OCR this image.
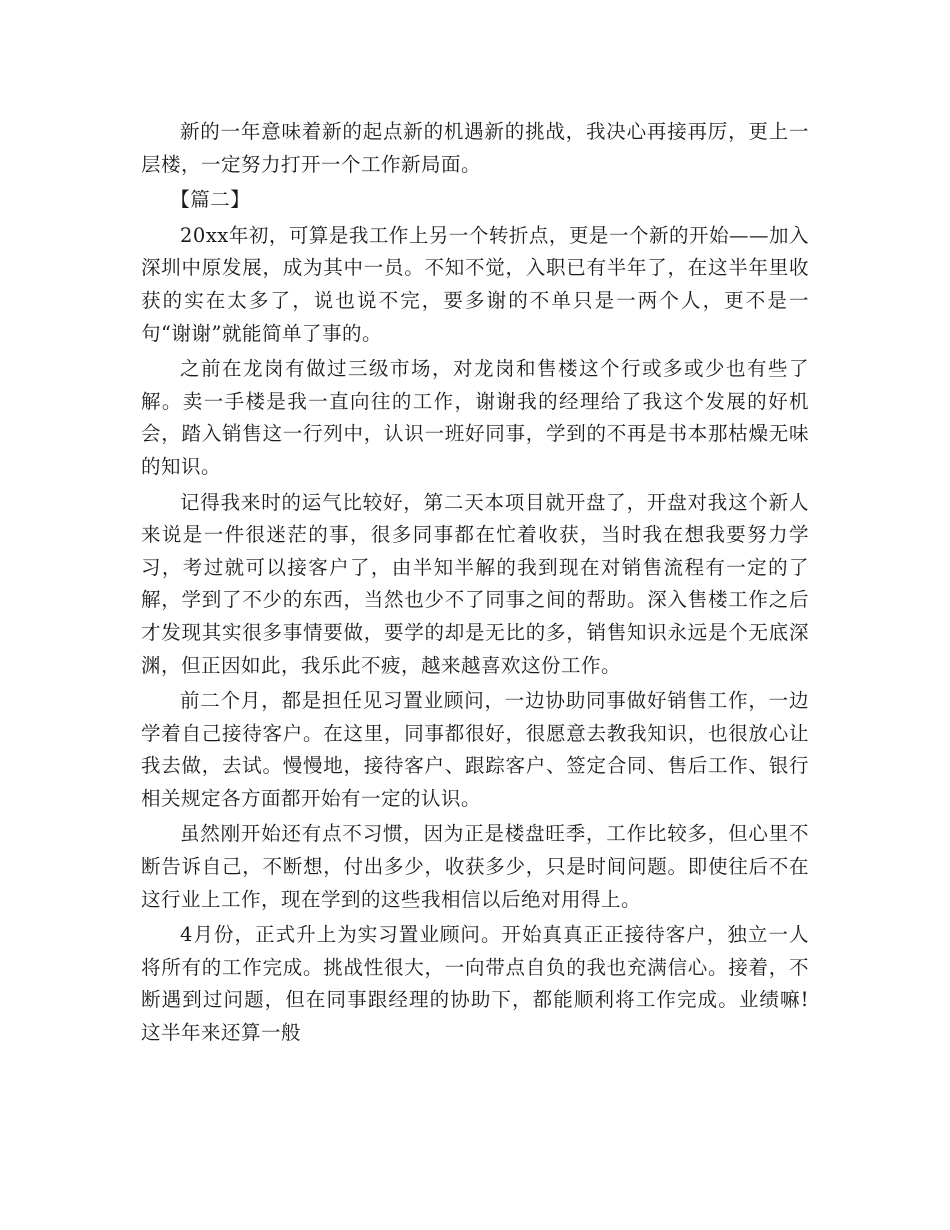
新的一年意味着新的起点新的机遇新的挑战，我决心再接再厉，更上一层楼，一定努力打开一个工作新局面。

【篇二】

20xx年初，可算是我工作上另一个转折点，更是一个新的开始——加入深圳中原发展，成为其中一员。不知不觉，入职已有半年了，在这半年里收获的实在太多了，说也说不完，要多谢的不单只是一两个人，更不是一句“谢谢”就能简单了事的。

之前在龙岗有做过三级市场，对龙岗和售楼这个行或多或少也有些了解。卖一手楼是我一直向往的工作，谢谢我的经理给了我这个发展的好机会，踏入销售这一行列中，认识一班好同事，学到的不再是书本那枯燥无味的知识。

记得我来时的运气比较好，第二天本项目就开盘了，开盘对我这个新人来说是一件很迷茫的事，很多同事都在忙着收获，当时我在想我要努力学习，考过就可以接客户了，由半知半解的我到现在对销售流程有一定的了解，学到了不少的东西，当然也少不了同事之间的帮助。深入售楼工作之后才发现其实很多事情要做，要学的却是无比的多，销售知识永远是个无底深渊，但正因如此，我乐此不疲，越来越喜欢这份工作。

前二个月，都是担任见习置业顾问，一边协助同事做好销售工作，一边学着自己接待客户。在这里，同事都很好，很愿意去教我知识，也很放心让我去做，去试。慢慢地，接待客户、跟踪客户、签定合同、售后工作、银行相关规定各方面都开始有一定的认识。

虽然刚开始还有点不习惯，因为正是楼盘旺季，工作比较多，但心里不断告诉自己，不断想，付出多少，收获多少，只是时间问题。即使往后不在这行业上工作，现在学到的这些我相信以后绝对用得上。

4月份，正式升上为实习置业顾问。开始真真正正接待客户，独立一人将所有的工作完成。挑战性很大，一向带点自负的我也充满信心。接着，不断遇到过问题，但在同事跟经理的协助下，都能顺利将工作完成。业绩嘛!这半年来还算一般
